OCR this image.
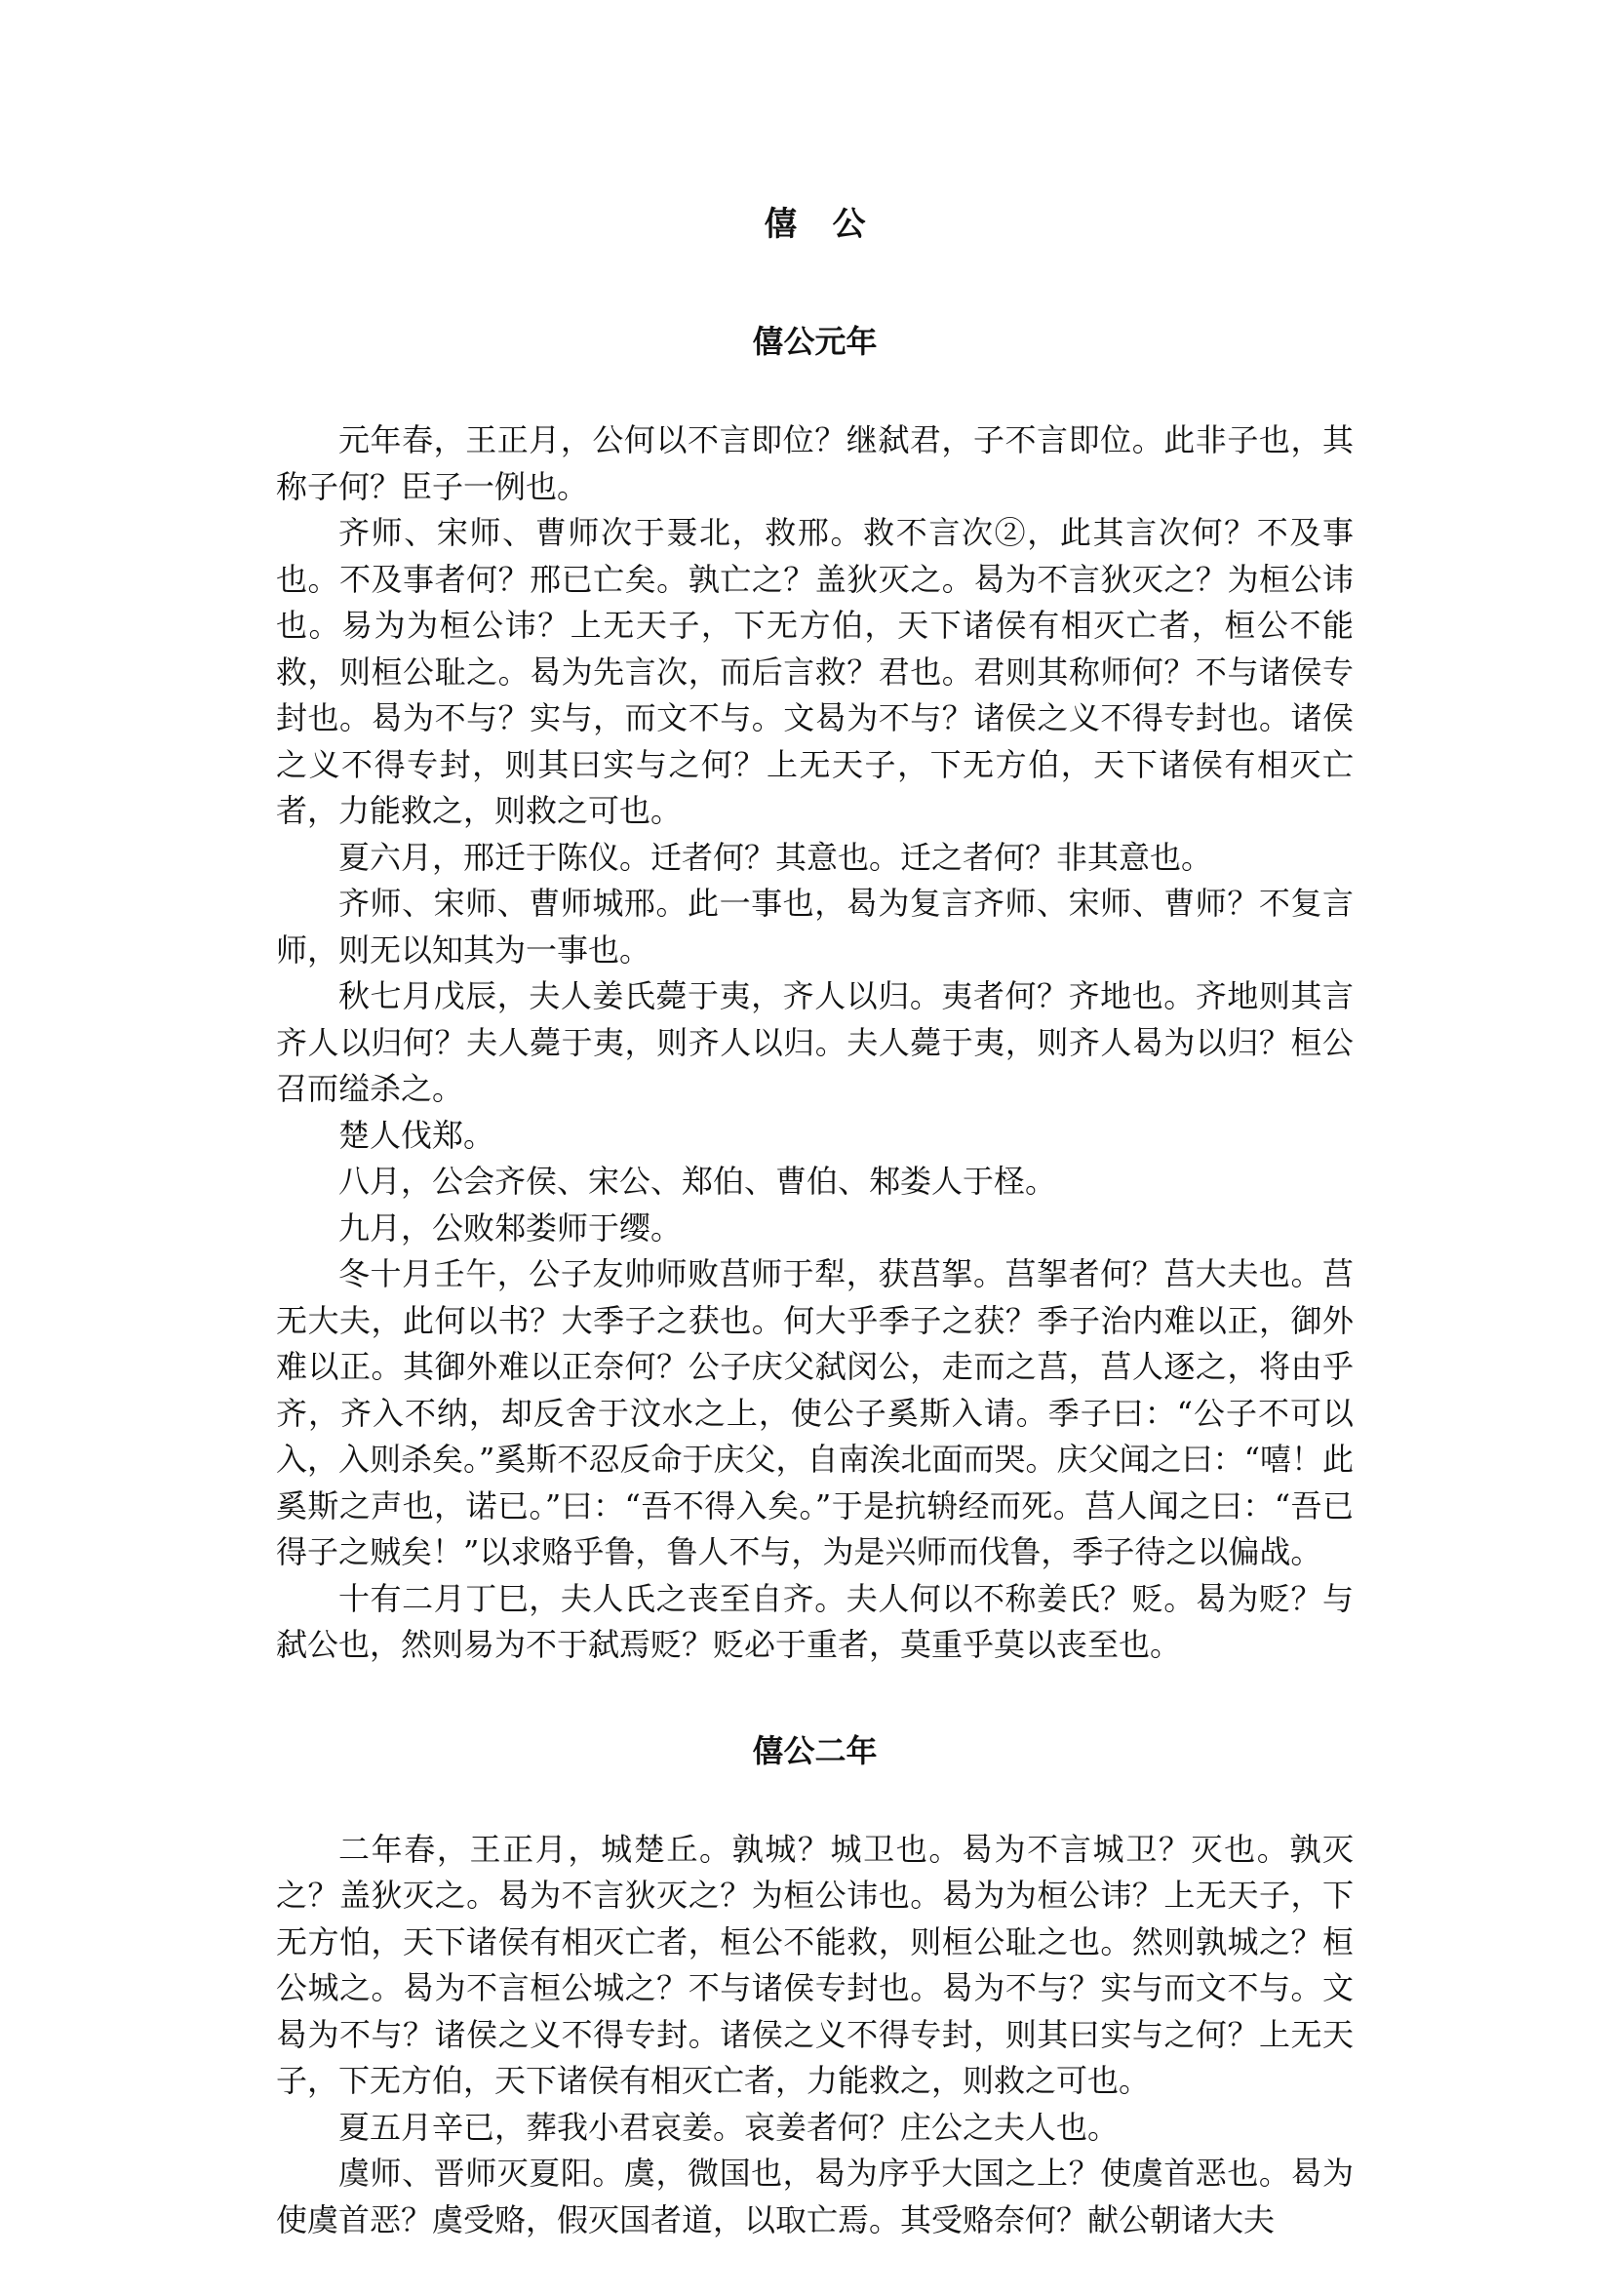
僖公
僖公元年

元年春，王正月，公何以不言即位？继弑君，子不言即位。此非子也，其称子何？臣子一例也。

齐师、宋师、曹师次于聂北，救邢。救不言次②，此其言次何？不及事也。不及事者何？邢已亡矣。孰亡之？盖狄灭之。曷为不言狄灭之？为桓公讳也。易为为桓公讳？上无天子，下无方伯，天下诸侯有相灭亡者，桓公不能救，则桓公耻之。曷为先言次，而后言救？君也。君则其称师何？不与诸侯专封也。曷为不与？实与，而文不与。文曷为不与？诸侯之义不得专封也。诸侯之义不得专封，则其曰实与之何？上无天子，下无方伯，天下诸侯有相灭亡者，力能救之，则救之可也。

夏六月，邢迁于陈仪。迁者何？其意也。迁之者何？非其意也。

齐师、宋师、曹师城邢。此一事也，曷为复言齐师、宋师、曹师？不复言师，则无以知其为一事也。

秋七月戊辰，夫人姜氏薨于夷，齐人以归。夷者何？齐地也。齐地则其言齐人以归何？夫人薨于夷，则齐人以归。夫人薨于夷，则齐人曷为以归？桓公召而缢杀之。

楚人伐郑。

八月，公会齐侯、宋公、郑伯、曹伯、邾娄人于柽。

九月，公败邾娄师于缨。

冬十月壬午，公子友帅师败莒师于犁，获莒挐。莒挐者何？莒大夫也。莒无大夫，此何以书？大季子之获也。何大乎季子之获？季子治内难以正，御外难以正。其御外难以正奈何？公子庆父弑闵公，走而之莒，莒人逐之，将由乎齐，齐入不纳，却反舍于汶水之上，使公子奚斯入请。季子曰：“公子不可以入，入则杀矣。”奚斯不忍反命于庆父，自南涘北面而哭。庆父闻之曰：“嘻！此奚斯之声也，诺已。”曰：“吾不得入矣。”于是抗辀经而死。莒人闻之曰：“吾已得子之贼矣！”以求赂乎鲁，鲁人不与，为是兴师而伐鲁，季子待之以偏战。

十有二月丁巳，夫人氏之丧至自齐。夫人何以不称姜氏？贬。曷为贬？与弑公也，然则易为不于弑焉贬？贬必于重者，莫重乎莫以丧至也。

僖公二年

二年春，王正月，城楚丘。孰城？城卫也。曷为不言城卫？灭也。孰灭之？盖狄灭之。曷为不言狄灭之？为桓公讳也。曷为为桓公讳？上无天子，下无方怕，天下诸侯有相灭亡者，桓公不能救，则桓公耻之也。然则孰城之？桓公城之。曷为不言桓公城之？不与诸侯专封也。曷为不与？实与而文不与。文曷为不与？诸侯之义不得专封。诸侯之义不得专封，则其曰实与之何？上无天子，下无方伯，天下诸侯有相灭亡者，力能救之，则救之可也。

夏五月辛已，葬我小君哀姜。哀姜者何？庄公之夫人也。

虞师、晋师灭夏阳。虞，微国也，曷为序乎大国之上？使虞首恶也。曷为使虞首恶？虞受赂，假灭国者道，以取亡焉。其受赂奈何？献公朝诸大夫
